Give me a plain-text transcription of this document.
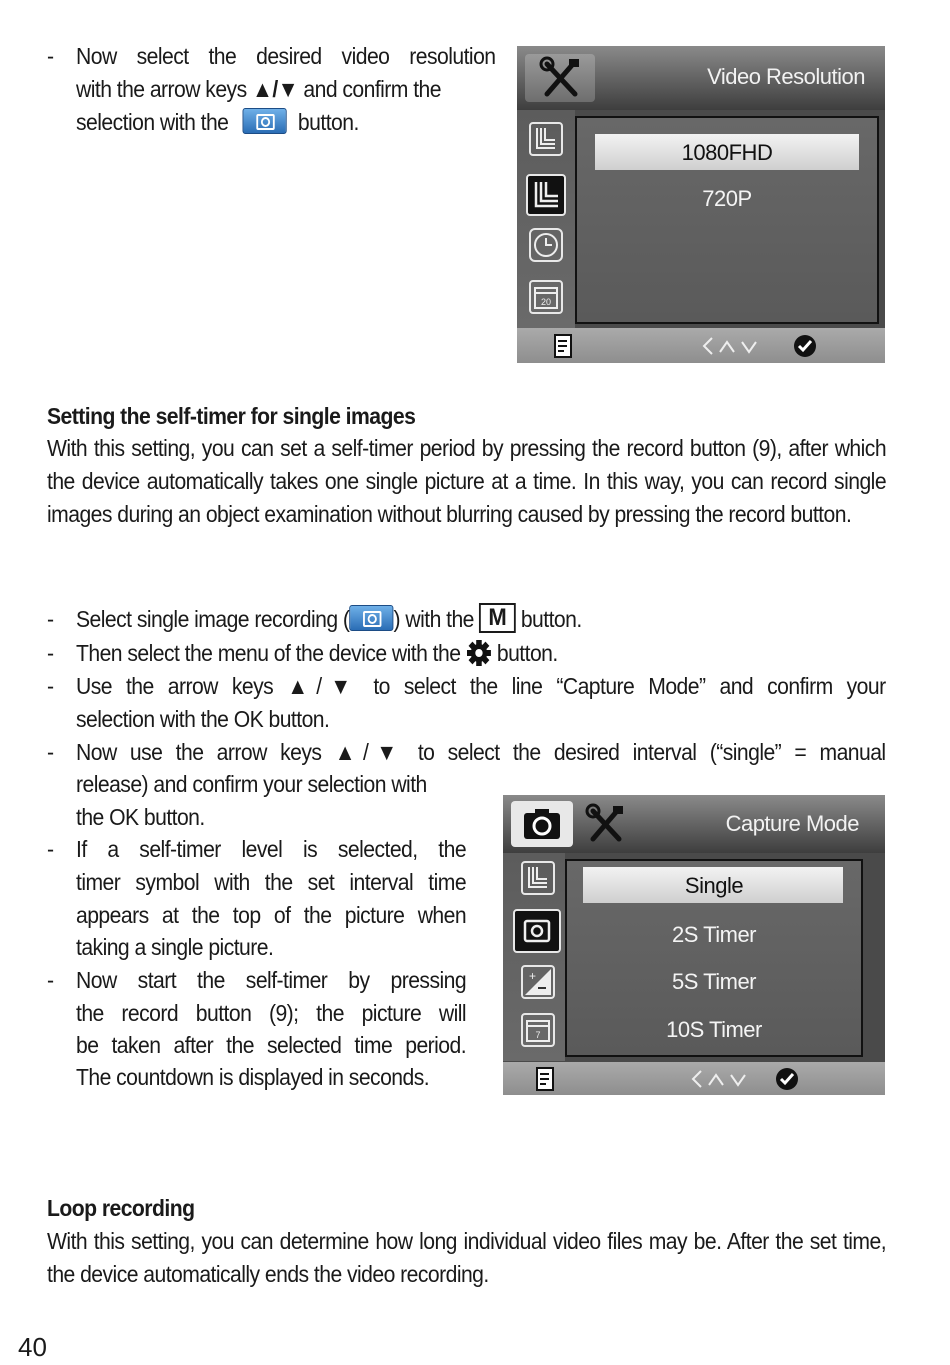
- Now select the desired video resolution
with the arrow keys ▲/▼ and confirm the
selection with the	button.
Video Resolution
20
1080FHD
720P
Setting the self-timer for single images
With this setting, you can set a self-timer period by pressing the record button (9), after which the device automatically takes one single picture at a time. In this way, you can record single images during an object examination without blurring caused by pressing the record button.
- Select single image recording ( ) with the M button.
- Then select the menu of the device with the button.
- Use the arrow keys ▲/▼ to select the line “Capture Mode” and confirm your
selection with the OK button.
- Now use the arrow keys ▲/▼ to select the desired interval (“single” = manual
release) and confirm your selection with
the OK button.
- If a self-timer level is selected, the
timer symbol with the set interval time
appears at the top of the picture when
taking a single picture.
- Now start the self-timer by pressing
the record button (9); the picture will
be taken after the selected time period.
The countdown is displayed in seconds.
Capture Mode
+
7
Single
2S Timer
5S Timer
10S Timer
Loop recording
With this setting, you can determine how long individual video files may be. After the set time, the device automatically ends the video recording.
40
